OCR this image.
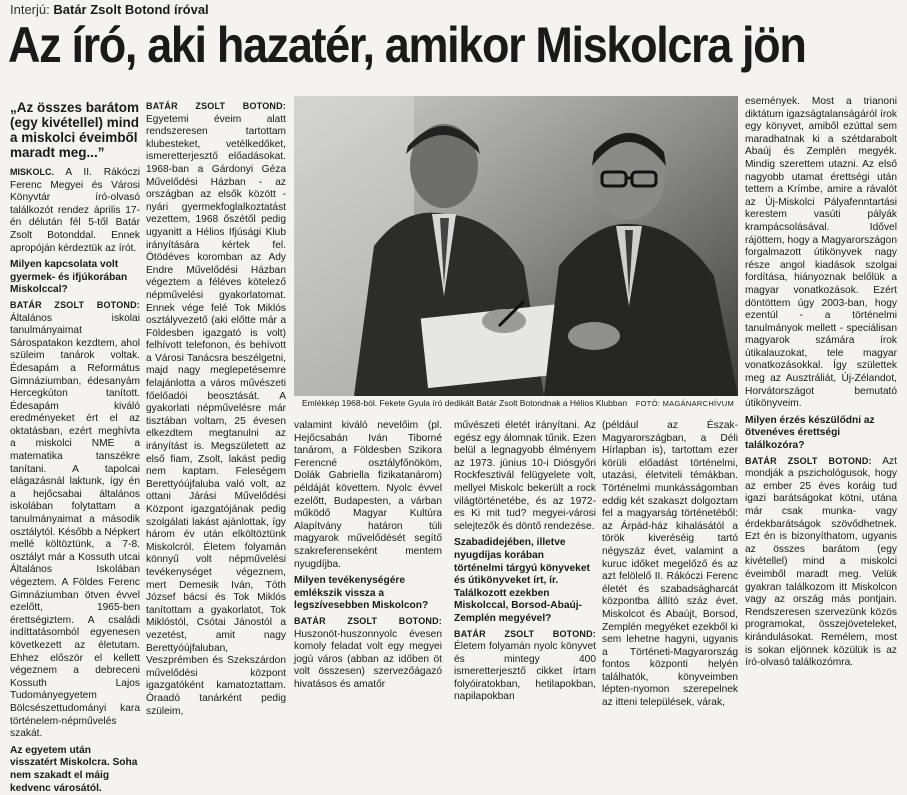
Interjú: Batár Zsolt Botond íróval
Az író, aki hazatér, amikor Miskolcra jön
„Az összes barátom (egy kivétellel) mind a miskolci éveimből maradt meg...”

MISKOLC. A II. Rákóczi Ferenc Megyei és Városi Könyvtár író-olvasó találkozót rendez április 17-én délután fél 5-től Batár Zsolt Botonddal. Ennek apropóján kérdeztük az írót.

Milyen kapcsolata volt gyermek- és ifjúkorában Miskolccal?

BATÁR ZSOLT BOTOND: Általános iskolai tanulmányaimat Sárospatakon kezdtem, ahol szüleim tanárok voltak. Édesapám a Református Gimnáziumban, édesanyám Hercegkúton tanított. Édesapám kiváló eredményeket ért el az oktatásban, ezért meghívta a miskolci NME a matematika tanszékre tanítani. A tapolcai elágazásnál laktunk, így én a hejőcsabai általános iskolában folytattam a tanulmányaimat a második osztálytól. Később a Népkert mellé költöztünk, a 7-8. osztályt már a Kossuth utcai Általános Iskolában végeztem. A Földes Ferenc Gimnáziumban ötven évvel ezelőtt, 1965-ben érettségiztem. A családi indíttatásomból egyenesen következett az életutam. Ehhez először el kellett végeznem a debreceni Kossuth Lajos Tudományegyetem Bölcsészettudományi kara történelem-népművelés szakát.

Az egyetem után visszatért Miskolcra. Soha nem szakadt el máig kedvenc városától.

BATÁR ZSOLT BOTOND: Egyetemi éveim alatt rendszeresen tartottam klubesteket, vetélkedőket, ismeretterjesztő előadásokat. 1968-ban a Gárdonyi Géza Művelődési Házban - az országban az elsők között - nyári gyermekfoglalkoztatást vezettem, 1968 őszétől pedig ugyanitt a Hélios Ifjúsági Klub irányítására kértek fel. Ötödéves koromban az Ady Endre Művelődési Házban végeztem a féléves kötelező népművelési gyakorlatomat. Ennek vége felé Tok Miklós osztályvezető (aki előtte már a Földesben igazgató is volt) felhívott telefonon, és behívott a Városi Tanácsra beszélgetni, majd nagy meglepetésemre felajánlotta a város művészeti főelőadói beosztását. A gyakorlati népművelésre már tisztában voltam, 25 évesen elkezdtem megtanulni az irányítást is. Megszületett az első fiam, Zsolt, lakást pedig nem kaptam. Feleségem Berettyóújfaluba való volt, az ottani Járási Művelődési Központ igazgatójának pedig szolgálati lakást ajánlottak, így három év után elköltöztünk Miskolcról. Életem folyamán könnyű volt népművelési tevékenységet végeznem, mert Demesik Iván, Tóth József bácsi és Tok Miklós tanítottam a gyakorlatot, Tok Miklóstól, Csótai Jánostól a vezetést, amit nagy Berettyóújfaluban, Veszprémben és Szekszárdon művelődési központ igazgatóként kamatoztattam. Óraadó tanárként pedig szüleim,

Emlékkép 1968-ból. Fekete Gyula író dedikált Batár Zsolt Botondnak a Hélios Klubban FOTÓ: MAGÁNARCHÍVUM

valamint kiváló nevelőim (pl. Hejőcsabán Iván Tiborné tanárom, a Földesben Szikora Ferencné osztályfőnököm, Dolák Gabriella fizikatanárom) példáját követtem. Nyolc évvel ezelőtt, Budapesten, a várban működő Magyar Kultúra Alapítvány határon túli magyarok művelődését segítő szakreferenseként mentem nyugdíjba.

Milyen tevékenységére emlékszik vissza a legszívesebben Miskolcon?

BATÁR ZSOLT BOTOND: Huszonöt-huszonnyolc évesen komoly feladat volt egy megyei jogú város (abban az időben öt volt összesen) szervezőágazó hivatásos és amatőr

művészeti életét irányítani. Az egész egy álomnak tűnik. Ezen belül a legnagyobb élményem az 1973. június 10-i Diósgyőri Rockfesztivál felügyelete volt, mellyel Miskolc bekerült a rock világtörténetébe, és az 1972-es Ki mit tud? megyei-városi selejtezők és döntő rendezése.

Szabadidejében, illetve nyugdíjas korában történelmi tárgyú könyveket és útikönyveket írt, ír. Találkozott ezekben Miskolccal, Borsod-Abaúj-Zemplén megyével?

BATÁR ZSOLT BOTOND: Életem folyamán nyolc könyvet és mintegy 400 ismeretterjesztő cikket írtam folyóiratokban, hetilapokban, napilapokban

(például az Észak-Magyarországban, a Déli Hírlapban is), tartottam ezer körüli előadást történelmi, utazási, életviteli témákban. Történelmi munkásságomban eddig két szakaszt dolgoztam fel a magyarság történetéből: az Árpád-ház kihalásától a török kiveréséig tartó négyszáz évet, valamint a kuruc időket megelőző és az azt felölelő II. Rákóczi Ferenc életét és szabadságharcát központba állító száz évet. Miskolcot és Abaújt, Borsod, Zemplén megyéket ezekből ki sem lehetne hagyni, ugyanis a Történeti-Magyarország fontos központi helyén találhatók, könyveimben lépten-nyomon szerepelnek az itteni települések, várak,

események. Most a trianoni diktátum igazságtalanságáról írok egy könyvet, amiből ezúttal sem maradhatnak ki a szétdarabolt Abaúj és Zemplén megyék. Mindig szerettem utazni. Az első nagyobb utamat érettségi után tettem a Krímbe, amire a rávalót az Új-Miskolci Pályafenntartási kerestem vasúti pályák krampácsolásával. Idővel rájöttem, hogy a Magyarországon forgalmazott útikönyvek nagy része angol kiadások szolgai fordítása, hiányoznak belőlük a magyar vonatkozások. Ezért döntöttem úgy 2003-ban, hogy ezentúl - a történelmi tanulmányok mellett - speciálisan magyarok számára írok útikalauzokat, tele magyar vonatkozásokkal. Így születtek meg az Ausztráliát, Új-Zélandot, Horvátországot bemutató útikönyveim.

Milyen érzés készülődni az ötvenéves érettségi találkozóra?

BATÁR ZSOLT BOTOND: Azt mondják a pszichológusok, hogy az ember 25 éves koráig tud igazi barátságokat kötni, utána már csak munka- vagy érdekbarátságok szövődhetnek. Ezt én is bizonyíthatom, ugyanis az összes barátom (egy kivétellel) mind a miskolci éveimből maradt meg. Velük gyakran találkozom itt Miskolcon vagy az ország más pontjain. Rendszeresen szervezünk közös programokat, összejöveteleket, kirándulásokat. Remélem, most is sokan eljönnek közülük is az író-olvasó találkozómra.
